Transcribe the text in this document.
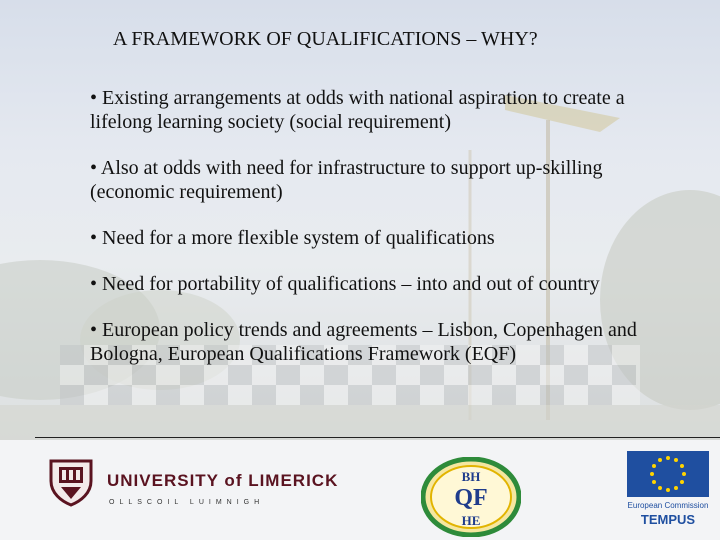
A FRAMEWORK OF QUALIFICATIONS – WHY?
• Existing arrangements at odds with national aspiration to create a
lifelong learning society (social requirement)
• Also at odds with need for infrastructure to support up-skilling
(economic requirement)
• Need for a more flexible system of qualifications
• Need for portability of qualifications – into and out of country
• European policy trends and agreements – Lisbon, Copenhagen and
Bologna, European Qualifications Framework (EQF)
UNIVERSITY of LIMERICK
OLLSCOIL LUIMNIGH
BH
QF
HE
European Commission
TEMPUS
